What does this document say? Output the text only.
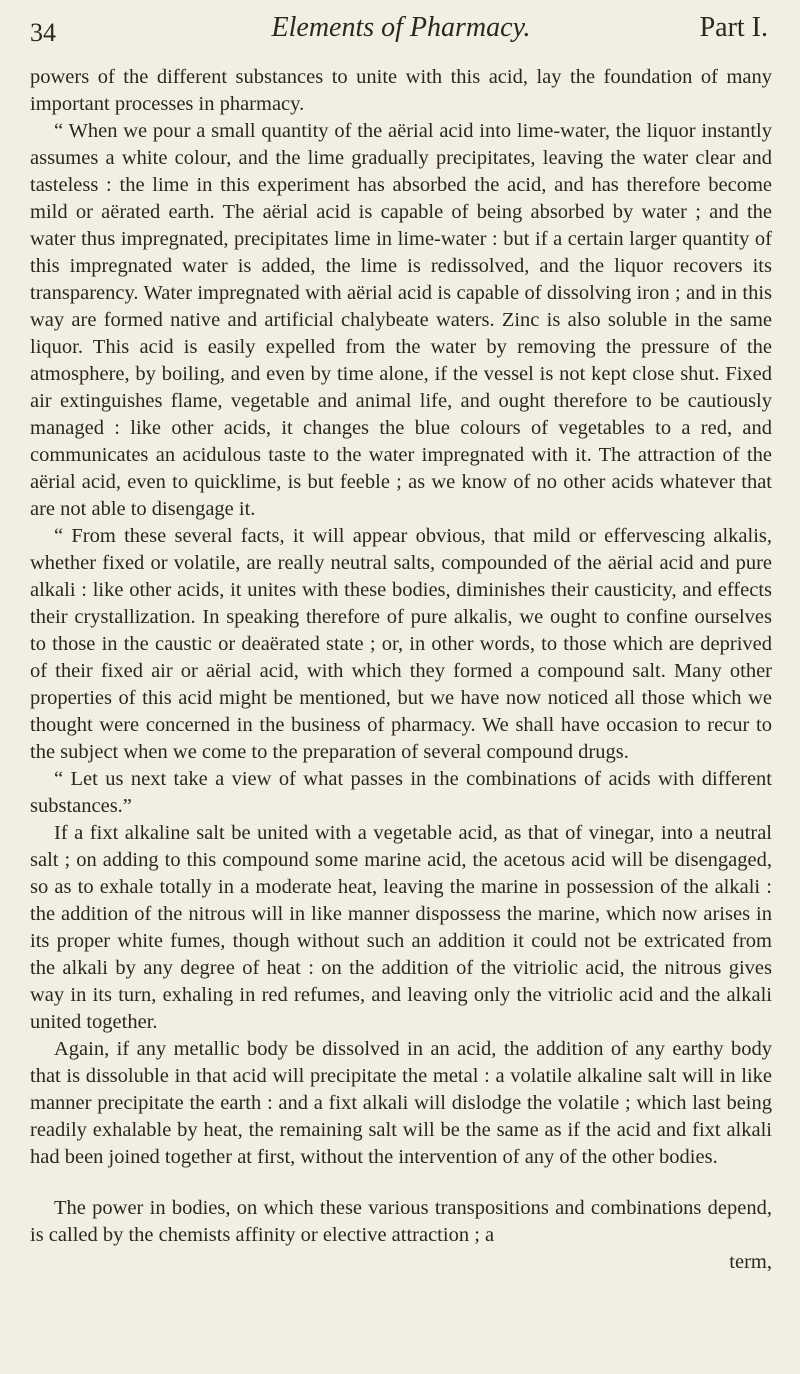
34	Elements of Pharmacy.	Part I.

powers of the different substances to unite with this acid, lay the foundation of many important processes in pharmacy.

“ When we pour a small quantity of the aërial acid into lime-water, the liquor instantly assumes a white colour, and the lime gradually precipitates, leaving the water clear and tasteless : the lime in this experiment has absorbed the acid, and has therefore become mild or aërated earth. The aërial acid is capable of being absorbed by water ; and the water thus impregnated, precipitates lime in lime-water : but if a certain larger quantity of this impregnated water is added, the lime is redissolved, and the liquor recovers its transparency. Water impregnated with aërial acid is capable of dissolving iron ; and in this way are formed native and artificial chalybeate waters. Zinc is also soluble in the same liquor. This acid is easily expelled from the water by removing the pressure of the atmosphere, by boiling, and even by time alone, if the vessel is not kept close shut. Fixed air extinguishes flame, vegetable and animal life, and ought therefore to be cautiously managed : like other acids, it changes the blue colours of vegetables to a red, and communicates an acidulous taste to the water impregnated with it. The attraction of the aërial acid, even to quicklime, is but feeble ; as we know of no other acids whatever that are not able to disengage it.

“ From these several facts, it will appear obvious, that mild or effervescing alkalis, whether fixed or volatile, are really neutral salts, compounded of the aërial acid and pure alkali : like other acids, it unites with these bodies, diminishes their causticity, and effects their crystallization. In speaking therefore of pure alkalis, we ought to confine ourselves to those in the caustic or deaërated state ; or, in other words, to those which are deprived of their fixed air or aërial acid, with which they formed a compound salt. Many other properties of this acid might be mentioned, but we have now noticed all those which we thought were concerned in the business of pharmacy. We shall have occasion to recur to the subject when we come to the preparation of several compound drugs.

“ Let us next take a view of what passes in the combinations of acids with different substances.”

If a fixt alkaline salt be united with a vegetable acid, as that of vinegar, into a neutral salt ; on adding to this compound some marine acid, the acetous acid will be disengaged, so as to exhale totally in a moderate heat, leaving the marine in possession of the alkali : the addition of the nitrous will in like manner dispossess the marine, which now arises in its proper white fumes, though without such an addition it could not be extricated from the alkali by any degree of heat : on the addition of the vitriolic acid, the nitrous gives way in its turn, exhaling in red refumes, and leaving only the vitriolic acid and the alkali united together.

Again, if any metallic body be dissolved in an acid, the addition of any earthy body that is dissoluble in that acid will precipitate the metal : a volatile alkaline salt will in like manner precipitate the earth : and a fixt alkali will dislodge the volatile ; which last being readily exhalable by heat, the remaining salt will be the same as if the acid and fixt alkali had been joined together at first, without the intervention of any of the other bodies.

The power in bodies, on which these various transpositions and combinations depend, is called by the chemists affinity or elective attraction ; a

term,
